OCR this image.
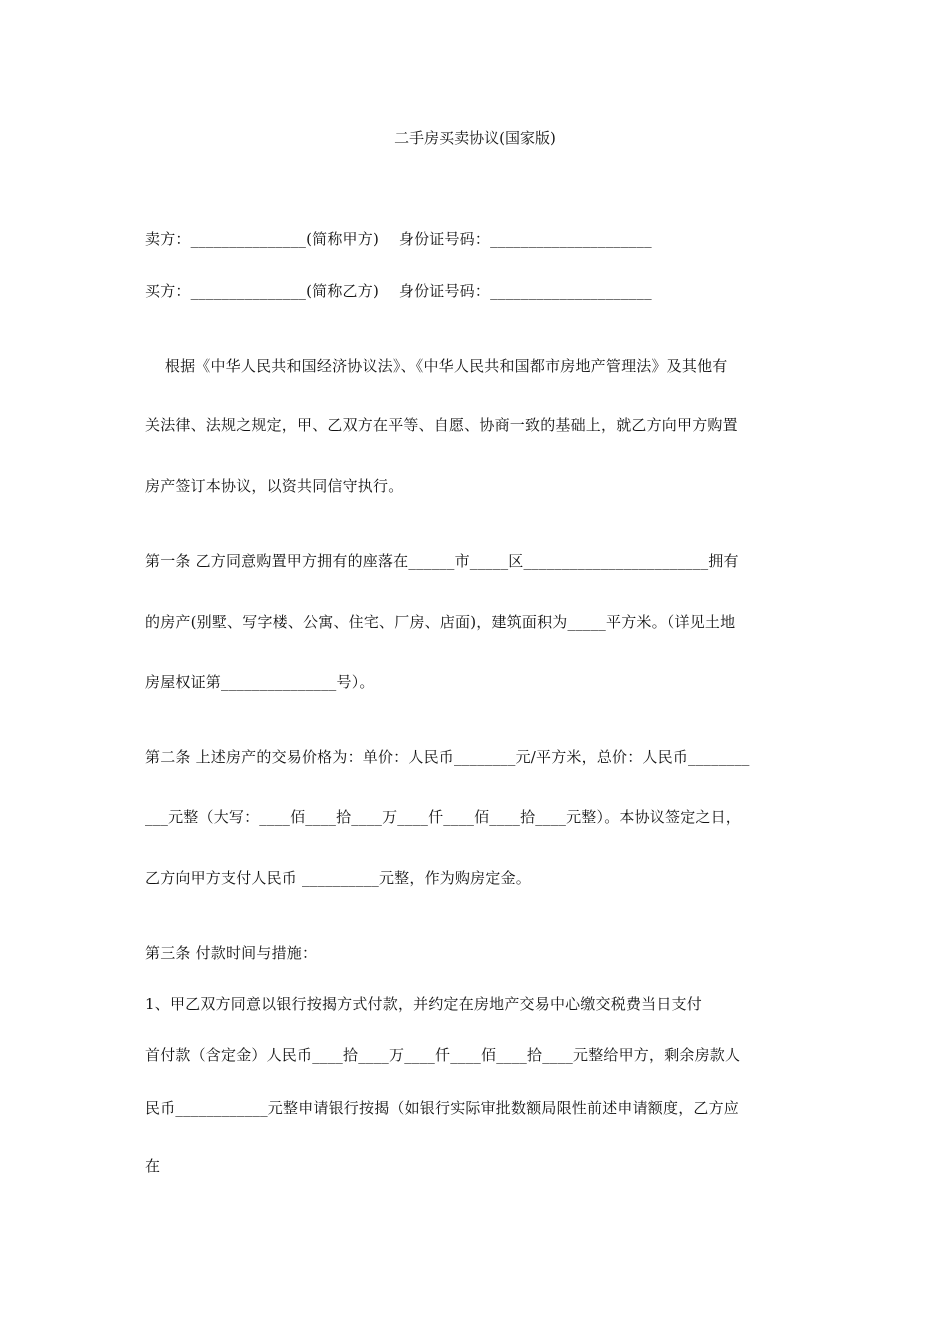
二手房买卖协议(国家版)
卖方：_______________(简称甲方)    身份证号码：_____________________
买方：_______________(简称乙方)    身份证号码：_____________________
根据《中华人民共和国经济协议法》、《中华人民共和国都市房地产管理法》及其他有
关法律、法规之规定，甲、乙双方在平等、自愿、协商一致的基础上，就乙方向甲方购置
房产签订本协议，以资共同信守执行。
第一条 乙方同意购置甲方拥有的座落在______市_____区________________________拥有
的房产(别墅、写字楼、公寓、住宅、厂房、店面)，建筑面积为_____平方米。（详见土地
房屋权证第_______________号）。
第二条 上述房产的交易价格为：单价：人民币________元/平方米，总价：人民币________
___元整（大写：____佰____拾____万____仟____佰____拾____元整）。本协议签定之日，
乙方向甲方支付人民币 __________元整，作为购房定金。
第三条 付款时间与措施：
1、甲乙双方同意以银行按揭方式付款，并约定在房地产交易中心缴交税费当日支付
首付款（含定金）人民币____拾____万____仟____佰____拾____元整给甲方，剩余房款人
民币____________元整申请银行按揭（如银行实际审批数额局限性前述申请额度，乙方应
在
